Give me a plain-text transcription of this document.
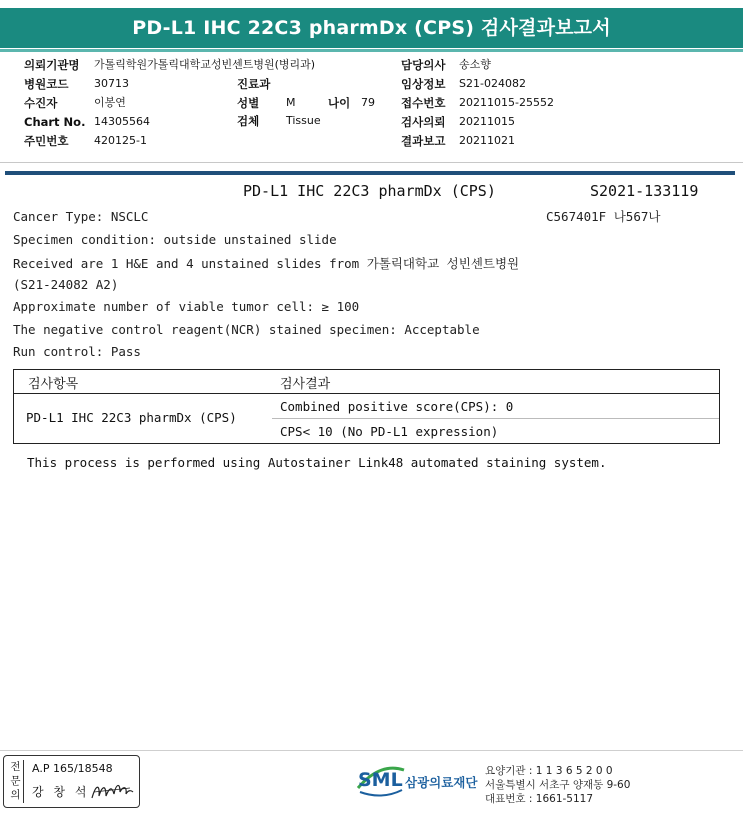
PD-L1 IHC 22C3 pharmDx (CPS) 검사결과보고서
의뢰기관명 가톨릭학원가톨릭대학교성빈센트병원(병리과)
병원코드 30713	진료과
수진자	이봉연	성별 M	나이 79
Chart No. 14305564	검체 Tissue
주민번호 420125-1
담당의사 송소향
임상정보 S21-024082
접수번호 20211015-25552
검사의뢰 20211015
결과보고 20211021
PD-L1 IHC 22C3 pharmDx (CPS)	S2021-133119
Cancer Type: NSCLC	C567401F 나567나
Specimen condition: outside unstained slide
Received are 1 H&E and 4 unstained slides from 가톨릭대학교 성빈센트병원
(S21-24082 A2)
Approximate number of viable tumor cell: ≥ 100
The negative control reagent(NCR) stained specimen: Acceptable
Run control: Pass
검사항목	검사결과
PD-L1 IHC 22C3 pharmDx (CPS)
Combined positive score(CPS): 0
CPS< 10 (No PD-L1 expression)
This process is performed using Autostainer Link48 automated staining system.
전문의
A.P 165/18548
강 창 석
SML 삼광의료재단
요양기관 : 1 1 3 6 5 2 0 0
서울특별시 서초구 양재동 9-60
대표번호 : 1661-5117
